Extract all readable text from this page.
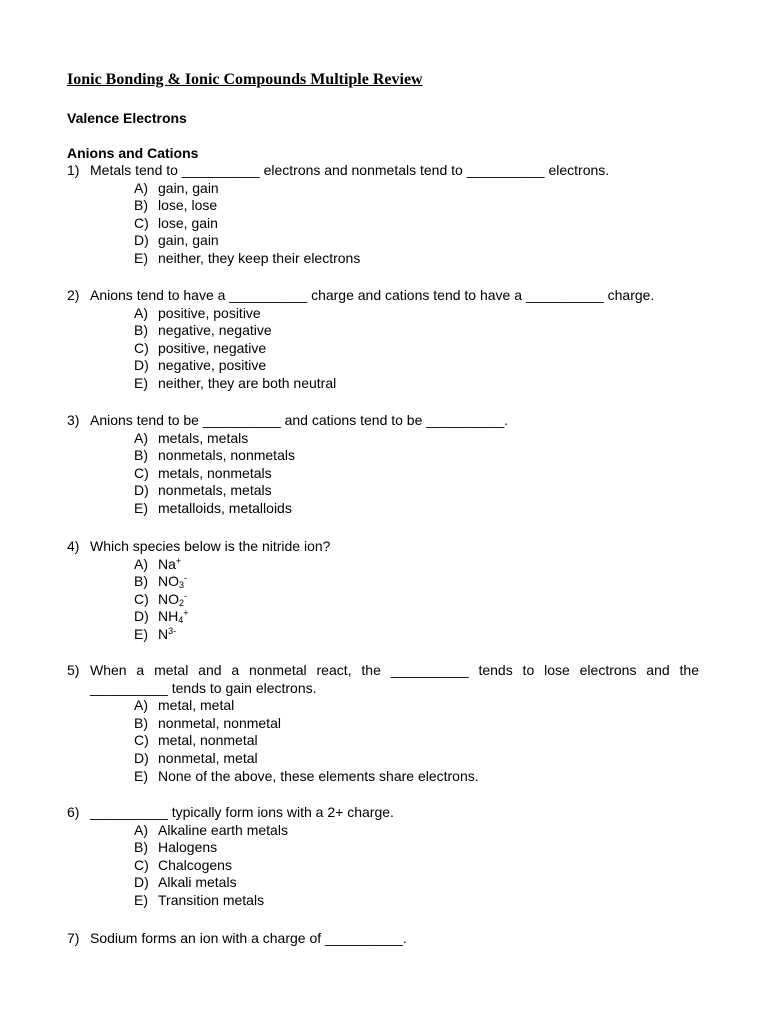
Ionic Bonding & Ionic Compounds Multiple Review
Valence Electrons
Anions and Cations
1) Metals tend to __________ electrons and nonmetals tend to __________ electrons.
A) gain, gain
B) lose, lose
C) lose, gain
D) gain, gain
E) neither, they keep their electrons
2) Anions tend to have a __________ charge and cations tend to have a __________ charge.
A) positive, positive
B) negative, negative
C) positive, negative
D) negative, positive
E) neither, they are both neutral
3) Anions tend to be __________ and cations tend to be __________.
A) metals, metals
B) nonmetals, nonmetals
C) metals, nonmetals
D) nonmetals, metals
E) metalloids, metalloids
4) Which species below is the nitride ion?
A) Na+
B) $NO_3^-$
C) $NO_2^-$
D) $NH_4^+$
E) $N^{3-}$
5) When a metal and a nonmetal react, the __________ tends to lose electrons and the
__________ tends to gain electrons.
A) metal, metal
B) nonmetal, nonmetal
C) metal, nonmetal
D) nonmetal, metal
E) None of the above, these elements share electrons.
6) __________ typically form ions with a 2+ charge.
A) Alkaline earth metals
B) Halogens
C) Chalcogens
D) Alkali metals
E) Transition metals
7) Sodium forms an ion with a charge of __________.
